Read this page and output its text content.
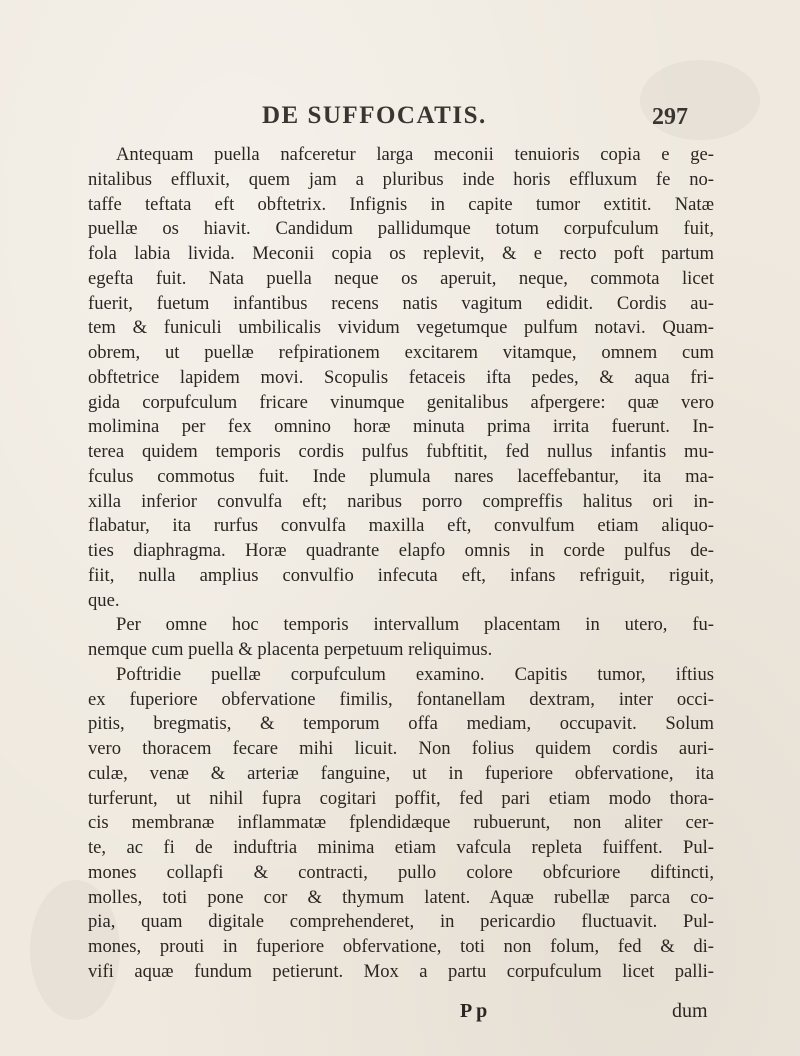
DE SUFFOCATIS.	297
Antequam puella nafceretur larga meconii tenuioris copia e ge-
nitalibus effluxit, quem jam a pluribus inde horis effluxum fe no-
taffe teftata eft obftetrix. Infignis in capite tumor extitit. Natæ
puellæ os hiavit. Candidum pallidumque totum corpufculum fuit,
fola labia livida. Meconii copia os replevit, & e recto poft partum
egefta fuit. Nata puella neque os aperuit, neque, commota licet
fuerit, fuetum infantibus recens natis vagitum edidit. Cordis au-
tem & funiculi umbilicalis vividum vegetumque pulfum notavi. Quam-
obrem, ut puellæ refpirationem excitarem vitamque, omnem cum
obftetrice lapidem movi. Scopulis fetaceis ifta pedes, & aqua fri-
gida corpufculum fricare vinumque genitalibus afpergere: quæ vero
molimina per fex omnino horæ minuta prima irrita fuerunt. In-
terea quidem temporis cordis pulfus fubftitit, fed nullus infantis mu-
fculus commotus fuit. Inde plumula nares laceffebantur, ita ma-
xilla inferior convulfa eft; naribus porro compreffis halitus ori in-
flabatur, ita rurfus convulfa maxilla eft, convulfum etiam aliquo-
ties diaphragma. Horæ quadrante elapfo omnis in corde pulfus de-
fiit, nulla amplius convulfio infecuta eft, infans refriguit, riguit,
que.
Per omne hoc temporis intervallum placentam in utero, fu-
nemque cum puella & placenta perpetuum reliquimus.
Poftridie puellæ corpufculum examino. Capitis tumor, iftius
ex fuperiore obfervatione fimilis, fontanellam dextram, inter occi-
pitis, bregmatis, & temporum offa mediam, occupavit. Solum
vero thoracem fecare mihi licuit. Non folius quidem cordis auri-
culæ, venæ & arteriæ fanguine, ut in fuperiore obfervatione, ita
turferunt, ut nihil fupra cogitari poffit, fed pari etiam modo thora-
cis membranæ inflammatæ fplendidæque rubuerunt, non aliter cer-
te, ac fi de induftria minima etiam vafcula repleta fuiffent. Pul-
mones collapfi & contracti, pullo colore obfcuriore diftincti,
molles, toti pone cor & thymum latent. Aquæ rubellæ parca co-
pia, quam digitale comprehenderet, in pericardio fluctuavit. Pul-
mones, prouti in fuperiore obfervatione, toti non folum, fed & di-
vifi aquæ fundum petierunt. Mox a partu corpufculum licet palli-
P p	dum
